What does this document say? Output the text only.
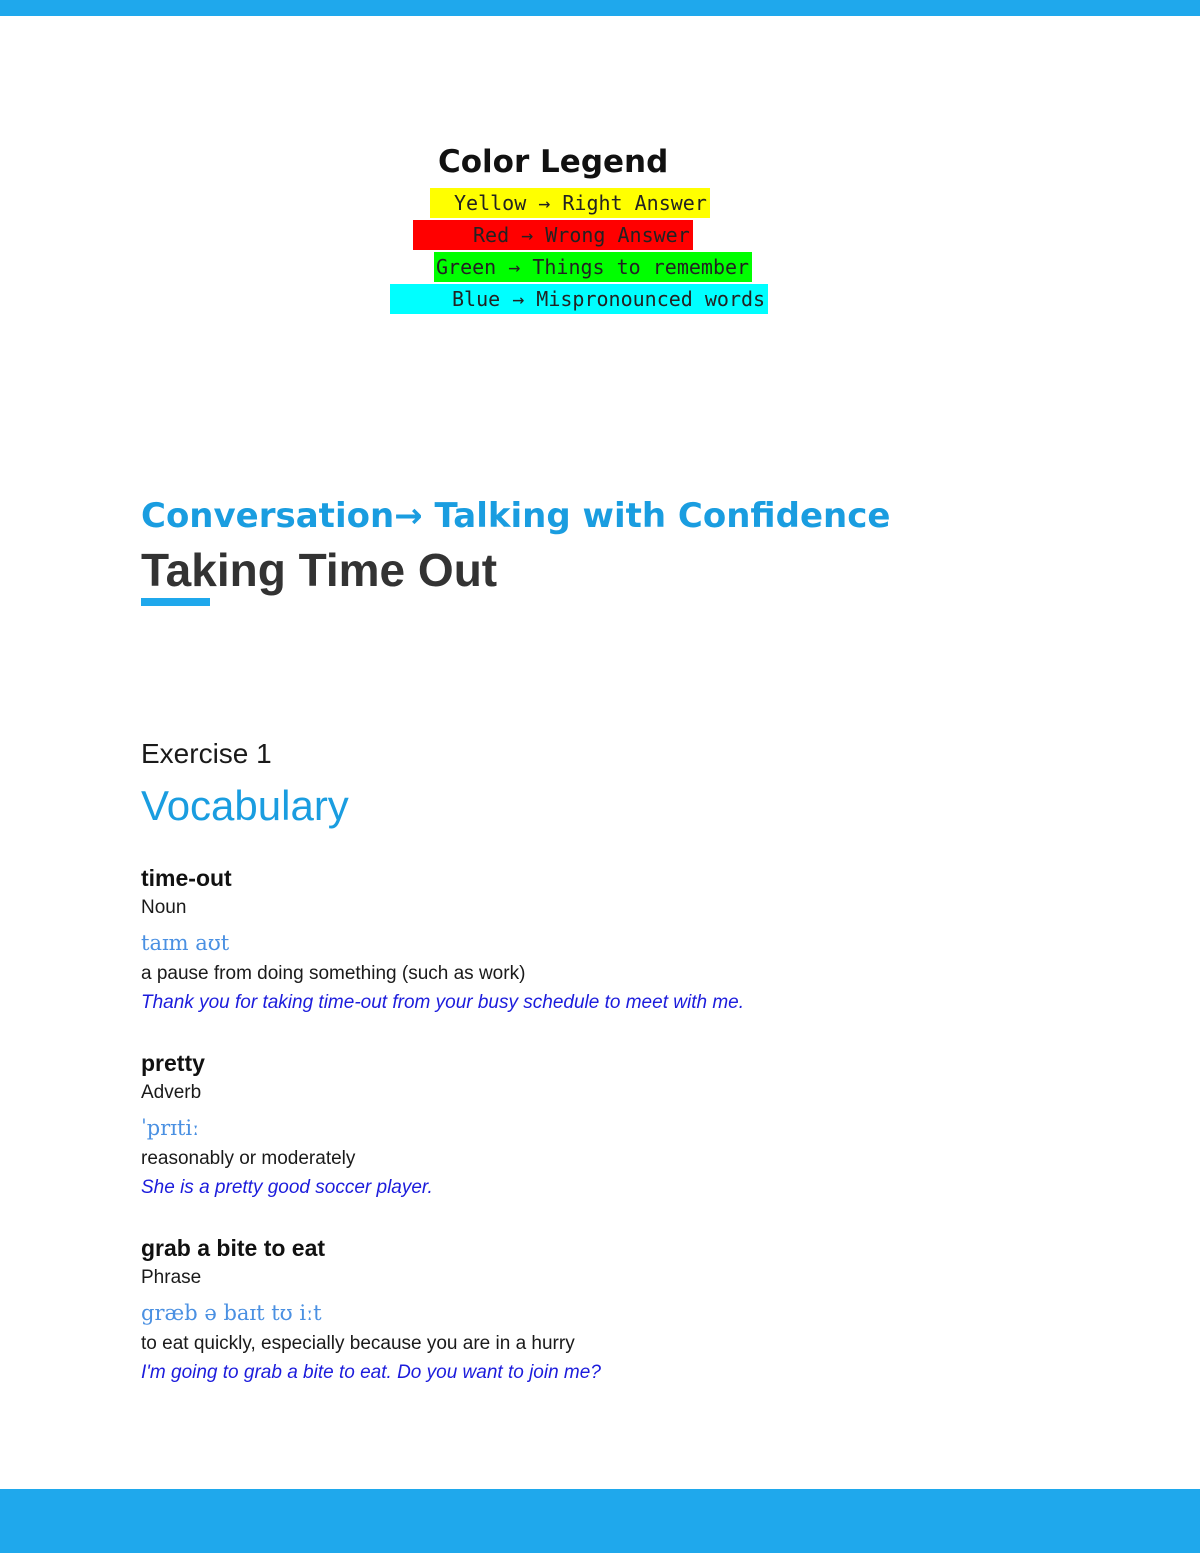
Color Legend
Yellow → Right Answer
Red → Wrong Answer
Green → Things to remember
Blue → Mispronounced words
Conversation→ Talking with Confidence
Taking Time Out
Exercise 1
Vocabulary
time-out
Noun
taɪm aʊt
a pause from doing something (such as work)
Thank you for taking time-out from your busy schedule to meet with me.
pretty
Adverb
ˈprɪtiː
reasonably or moderately
She is a pretty good soccer player.
grab a bite to eat
Phrase
græb ə baɪt tʊ iːt
to eat quickly, especially because you are in a hurry
I'm going to grab a bite to eat. Do you want to join me?
